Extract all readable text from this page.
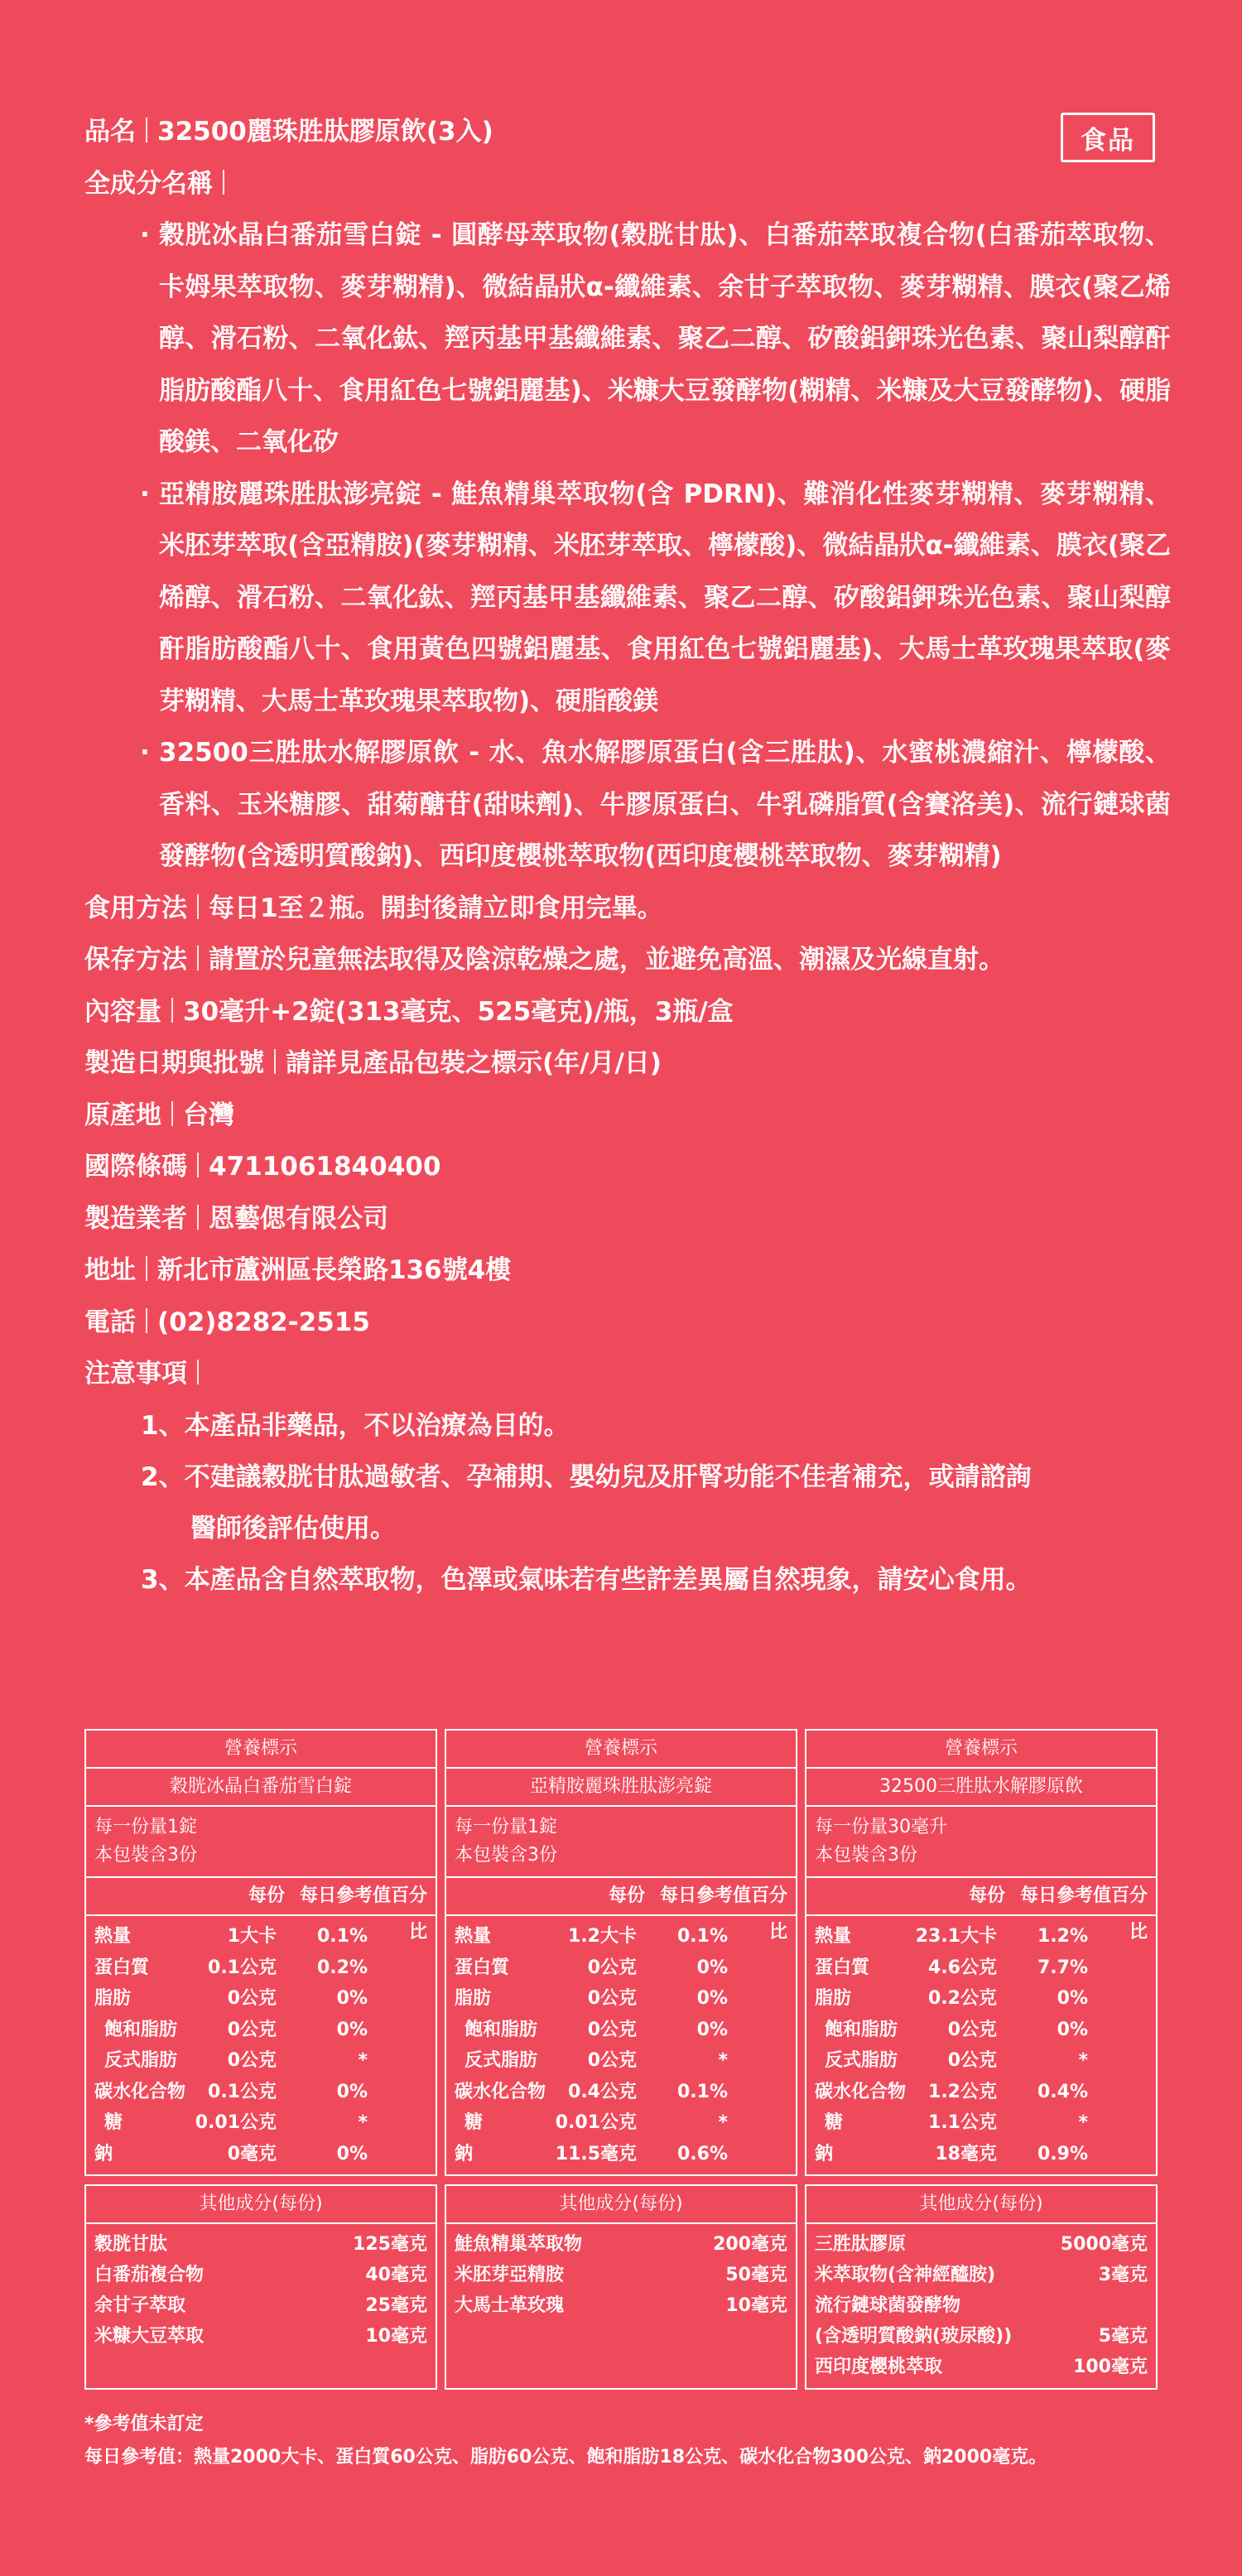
食品
品名 32500麗珠胜肽膠原飲(3入)
全成分名稱
· 穀胱冰晶白番茄雪白錠 - 圓酵母萃取物(穀胱甘肽)、白番茄萃取複合物(白番茄萃取物、卡姆果萃取物、麥芽糊精)、微結晶狀α-纖維素、余甘子萃取物、麥芽糊精、膜衣(聚乙烯醇、滑石粉、二氧化鈦、羥丙基甲基纖維素、聚乙二醇、矽酸鋁鉀珠光色素、聚山梨醇酐脂肪酸酯八十、食用紅色七號鋁麗基)、米糠大豆發酵物(糊精、米糠及大豆發酵物)、硬脂酸鎂、二氧化矽
· 亞精胺麗珠胜肽澎亮錠 - 鮭魚精巢萃取物(含 PDRN)、難消化性麥芽糊精、麥芽糊精、米胚芽萃取(含亞精胺)(麥芽糊精、米胚芽萃取、檸檬酸)、微結晶狀α-纖維素、膜衣(聚乙烯醇、滑石粉、二氧化鈦、羥丙基甲基纖維素、聚乙二醇、矽酸鋁鉀珠光色素、聚山梨醇酐脂肪酸酯八十、食用黃色四號鋁麗基、食用紅色七號鋁麗基)、大馬士革玫瑰果萃取(麥芽糊精、大馬士革玫瑰果萃取物)、硬脂酸鎂
· 32500三胜肽水解膠原飲 - 水、魚水解膠原蛋白(含三胜肽)、水蜜桃濃縮汁、檸檬酸、香料、玉米糖膠、甜菊醣苷(甜味劑)、牛膠原蛋白、牛乳磷脂質(含賽洛美)、流行鏈球菌發酵物(含透明質酸鈉)、西印度櫻桃萃取物(西印度櫻桃萃取物、麥芽糊精)
食用方法 每日1至２瓶。開封後請立即食用完畢。
保存方法 請置於兒童無法取得及陰涼乾燥之處，並避免高溫、潮濕及光線直射。
內容量 30毫升+2錠(313毫克、525毫克)/瓶，3瓶/盒
製造日期與批號 請詳見產品包裝之標示(年/月/日)
原產地 台灣
國際條碼 4711061840400
製造業者 恩藝偲有限公司
地址 新北市蘆洲區長榮路136號4樓
電話 (02)8282-2515
注意事項
1、本產品非藥品，不以治療為目的。
2、不建議穀胱甘肽過敏者、孕補期、嬰幼兒及肝腎功能不佳者補充，或請諮詢
醫師後評估使用。
3、本產品含自然萃取物，色澤或氣味若有些許差異屬自然現象，請安心食用。
營養標示
穀胱冰晶白番茄雪白錠
每一份量1錠
本包裝含3份
每份 每日參考值百分比
熱量	1大卡	0.1%
蛋白質	0.1公克	0.2%
脂肪	0公克	0%
飽和脂肪	0公克	0%
反式脂肪	0公克	*
碳水化合物	0.1公克	0%
糖	0.01公克	*
鈉	0毫克	0%
其他成分(每份)
穀胱甘肽	125毫克
白番茄複合物	40毫克
余甘子萃取	25毫克
米糠大豆萃取	10毫克
營養標示
亞精胺麗珠胜肽澎亮錠
每一份量1錠
本包裝含3份
每份 每日參考值百分比
熱量	1.2大卡	0.1%
蛋白質	0公克	0%
脂肪	0公克	0%
飽和脂肪	0公克	0%
反式脂肪	0公克	*
碳水化合物	0.4公克	0.1%
糖	0.01公克	*
鈉	11.5毫克	0.6%
其他成分(每份)
鮭魚精巢萃取物	200毫克
米胚芽亞精胺	50毫克
大馬士革玫瑰	10毫克
營養標示
32500三胜肽水解膠原飲
每一份量30毫升
本包裝含3份
每份 每日參考值百分比
熱量	23.1大卡	1.2%
蛋白質	4.6公克	7.7%
脂肪	0.2公克	0%
飽和脂肪	0公克	0%
反式脂肪	0公克	*
碳水化合物	1.2公克	0.4%
糖	1.1公克	*
鈉	18毫克	0.9%
其他成分(每份)
三胜肽膠原	5000毫克
米萃取物(含神經醯胺)	3毫克
流行鏈球菌發酵物
(含透明質酸鈉(玻尿酸))	5毫克
西印度櫻桃萃取	100毫克
*參考值未訂定
每日參考值：熱量2000大卡、蛋白質60公克、脂肪60公克、飽和脂肪18公克、碳水化合物300公克、鈉2000毫克。
